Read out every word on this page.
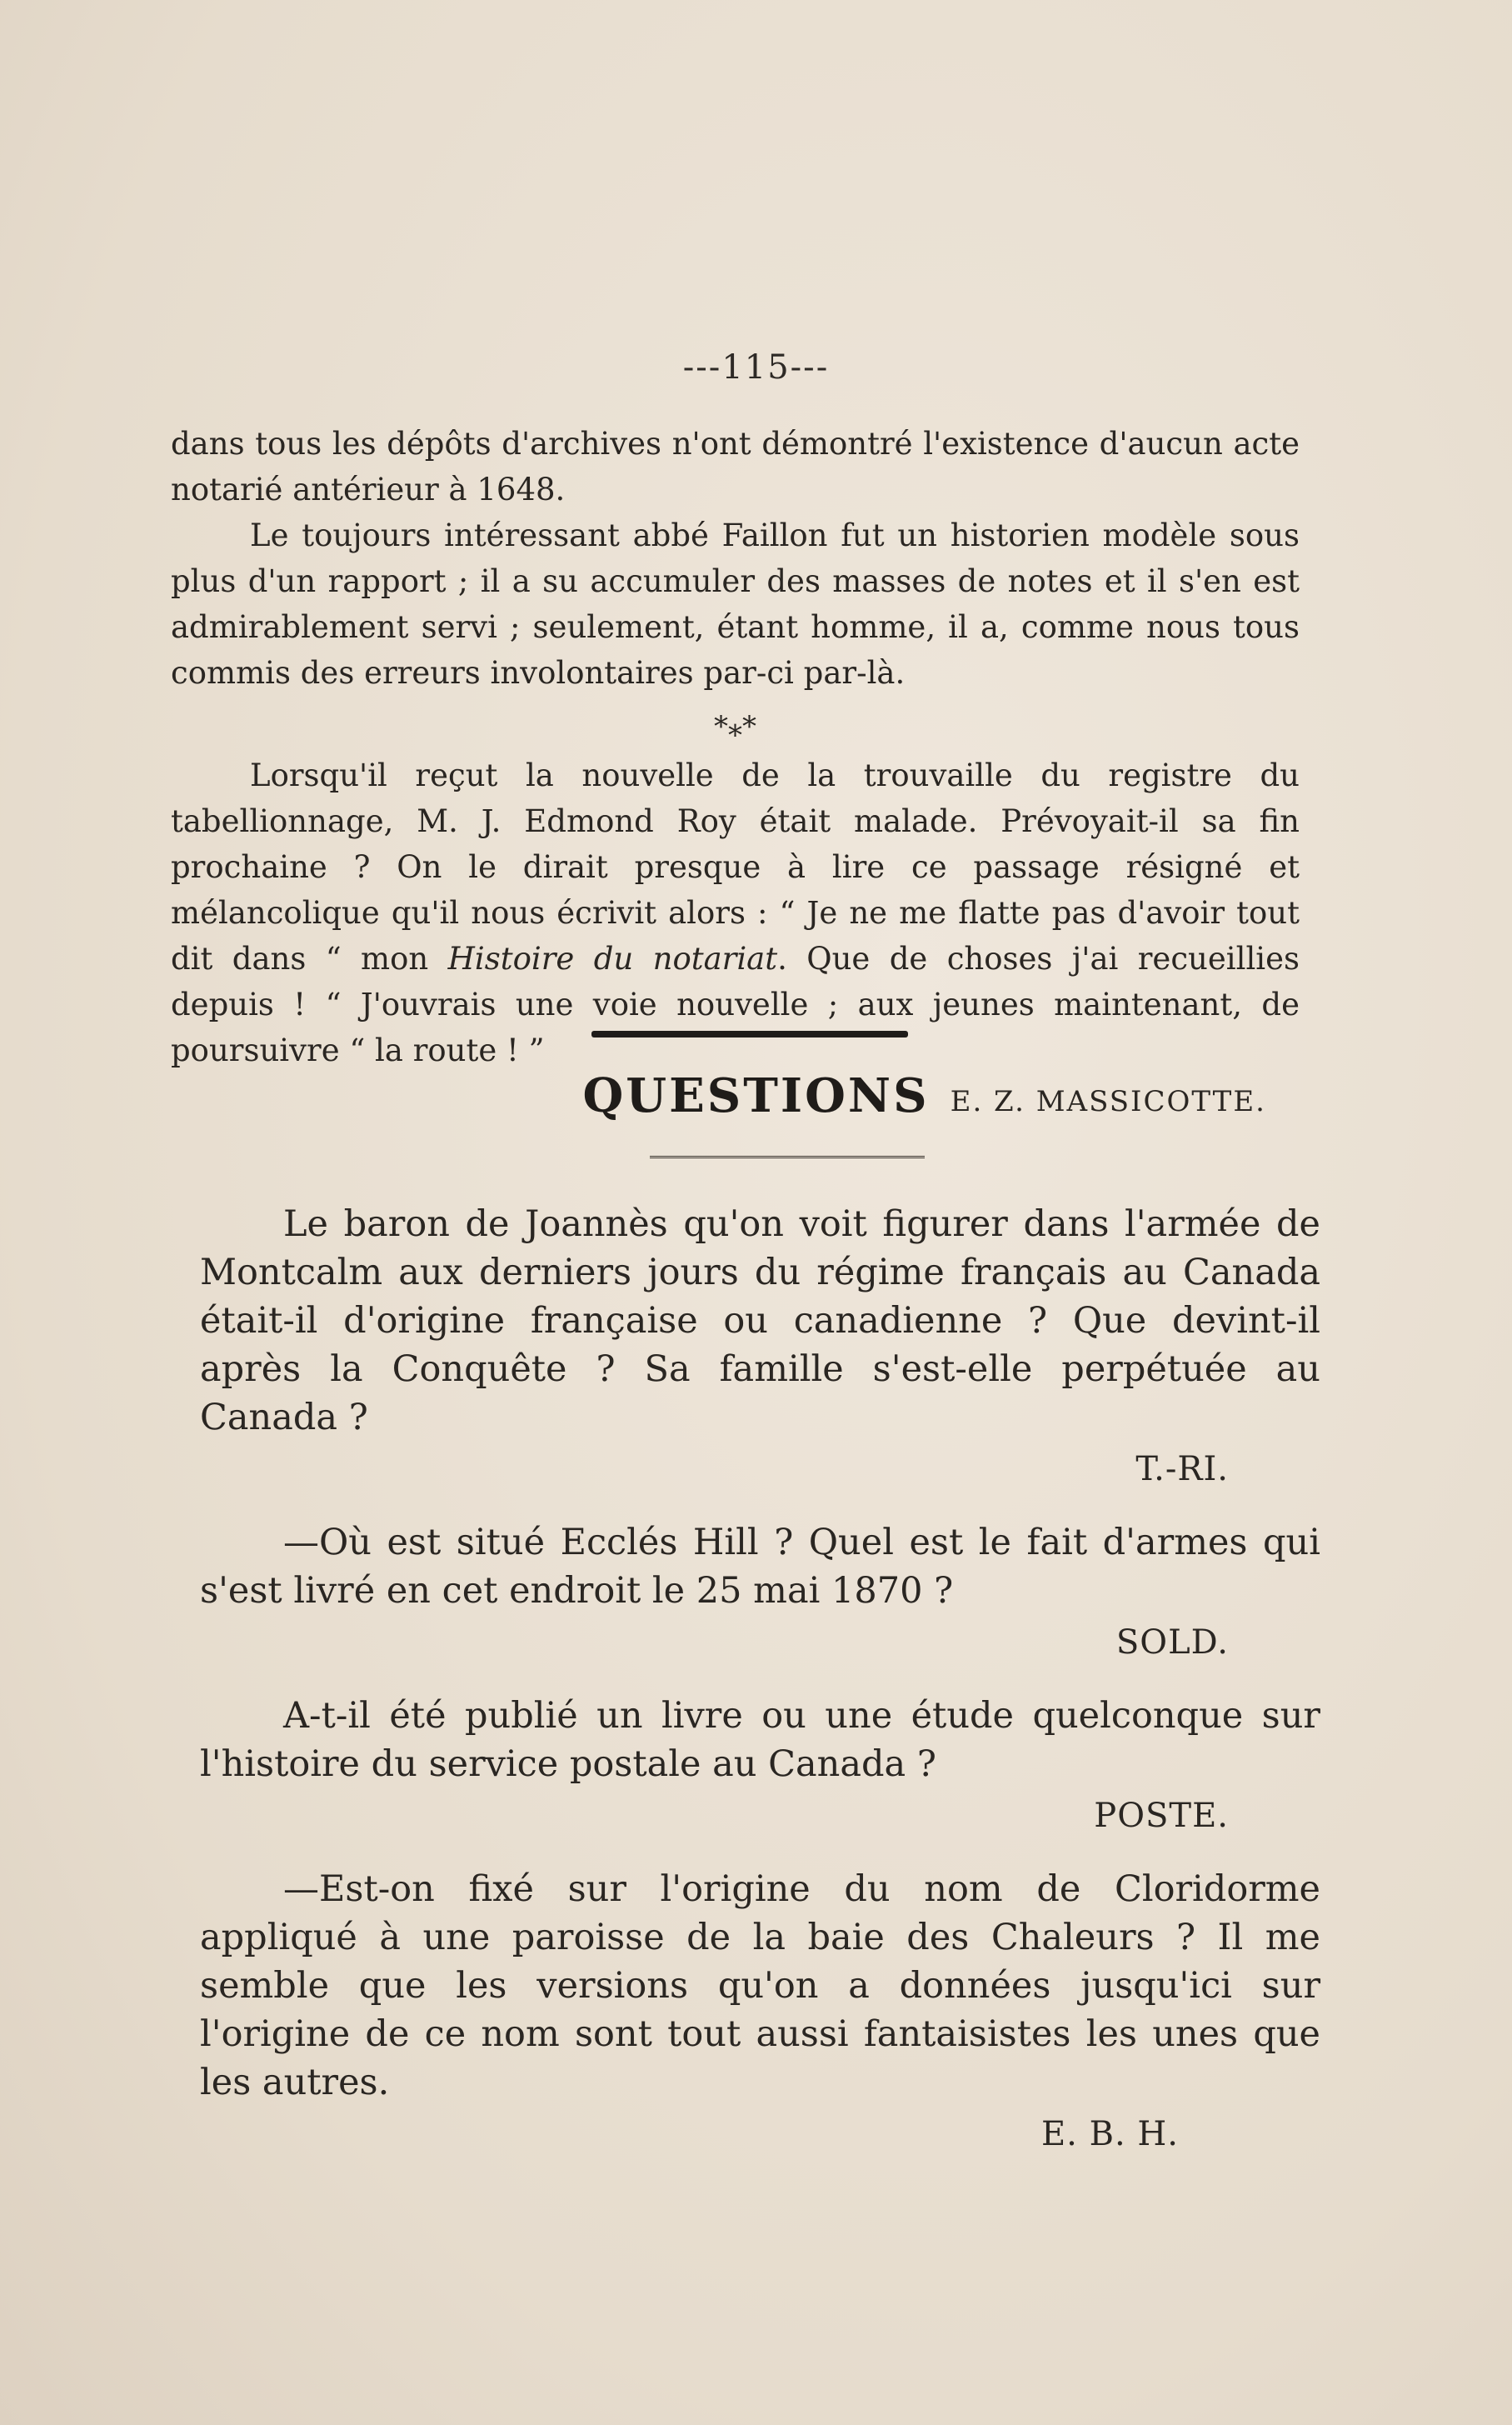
---115---

dans tous les dépôts d'archives n'ont démontré l'existence d'aucun acte notarié antérieur à 1648.

Le toujours intéressant abbé Faillon fut un historien modèle sous plus d'un rapport ; il a su accumuler des masses de notes et il s'en est admirablement servi ; seulement, étant homme, il a, comme nous tous commis des erreurs involontaires par-ci par-là.

*⁎*

Lorsqu'il reçut la nouvelle de la trouvaille du registre du tabellionnage, M. J. Edmond Roy était malade. Prévoyait-il sa fin prochaine ? On le dirait presque à lire ce passage résigné et mélancolique qu'il nous écrivit alors : “ Je ne me flatte pas d'avoir tout dit dans “ mon Histoire du notariat. Que de choses j'ai recueillies depuis ! “ J'ouvrais une voie nouvelle ; aux jeunes maintenant, de poursuivre “ la route ! ”

E. Z. MASSICOTTE.
QUESTIONS

Le baron de Joannès qu'on voit figurer dans l'armée de Montcalm aux derniers jours du régime français au Canada était-il d'origine française ou canadienne ? Que devint-il après la Conquête ? Sa famille s'est-elle perpétuée au Canada ?

T.-RI.

—Où est situé Ecclés Hill ? Quel est le fait d'armes qui s'est livré en cet endroit le 25 mai 1870 ?

SOLD.

A-t-il été publié un livre ou une étude quelconque sur l'histoire du service postale au Canada ?

POSTE.

—Est-on fixé sur l'origine du nom de Cloridorme appliqué à une paroisse de la baie des Chaleurs ? Il me semble que les versions qu'on a données jusqu'ici sur l'origine de ce nom sont tout aussi fantaisistes les unes que les autres.

E. B. H.
